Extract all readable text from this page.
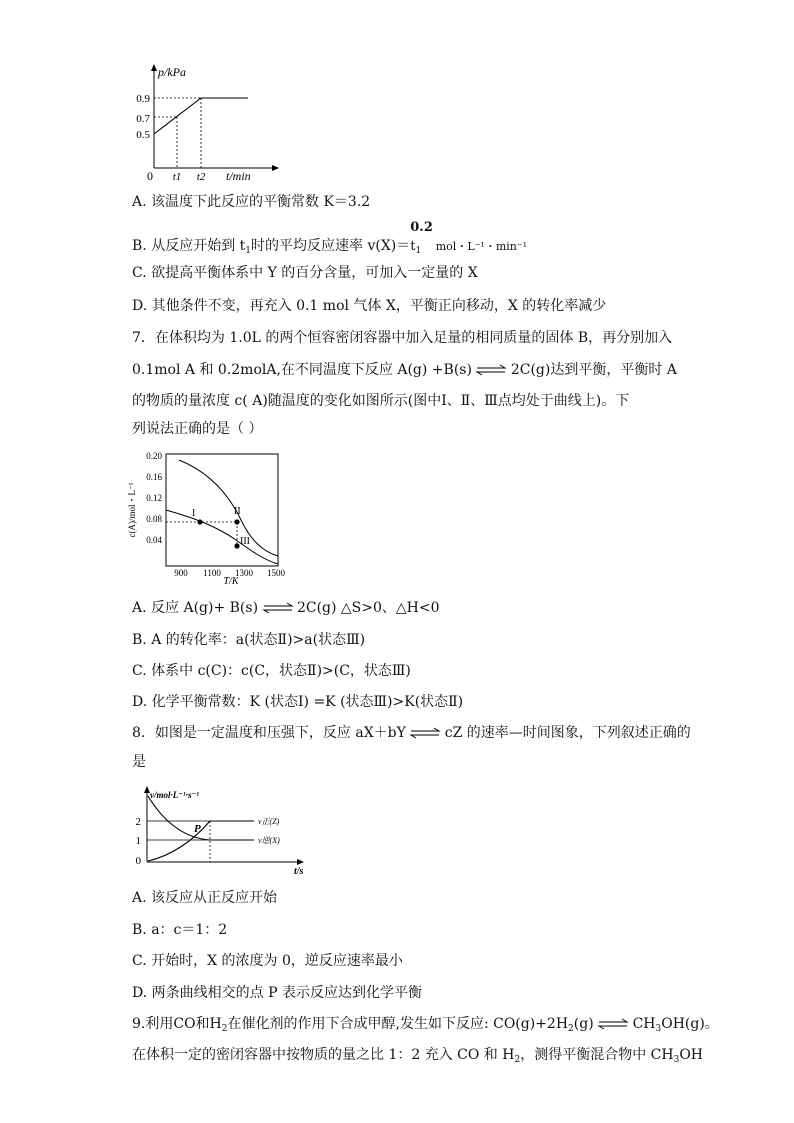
p/kPa
t/min
0
0.9
0.7
0.5
t1 t2
A. 该温度下此反应的平衡常数 K＝3.2
B. 从反应开始到 $t_1$时的平均反应速率 v(X)＝
0.2
$t_1$ mol・L⁻¹・min⁻¹
C. 欲提高平衡体系中 Y 的百分含量，可加入一定量的 X
D. 其他条件不变，再充入 0.1 mol 气体 X，平衡正向移动，X 的转化率减少
7．在体积均为 1.0L 的两个恒容密闭容器中加入足量的相同质量的固体 B，再分别加入
0.1mol A 和 0.2molA,在不同温度下反应 A(g) +B(s) ⇌ 2C(g)达到平衡，平衡时 A
的物质的量浓度 c( A)随温度的变化如图所示(图中Ⅰ、Ⅱ、Ⅲ点均处于曲线上)。下
列说法正确的是（ ）
c(A)/mol・L⁻¹
T/K
0.20
0.16
0.12
0.08
0.04
900 1100 1300 1500
I	II
III
A. 反应 A(g)+ B(s) ⇌ 2C(g) △S>0、△H<0
B. A 的转化率：a(状态Ⅱ)>a(状态Ⅲ)
C. 体系中 c(C)：c(C，状态Ⅱ)>(C，状态Ⅲ)
D. 化学平衡常数：K (状态Ⅰ) =K (状态Ⅲ)>K(状态Ⅱ)
8．如图是一定温度和压强下，反应 aX＋bY ⇌ cZ 的速率—时间图象，下列叙述正确的
是
v/mol·L⁻¹·s⁻¹
t/s
2
1
0
P
v正(Z)
v逆(X)
A. 该反应从正反应开始
B. a：c＝1：2
C. 开始时，X 的浓度为 0，逆反应速率最小
D. 两条曲线相交的点 P 表示反应达到化学平衡
9.利用CO和$H_2$在催化剂的作用下合成甲醇,发生如下反应: $CO(g)+2H_2(g)$ ⇌ $CH_3OH(g)$。
在体积一定的密闭容器中按物质的量之比 1：2 充入 CO 和 $H_2$，测得平衡混合物中 $CH_3OH$
